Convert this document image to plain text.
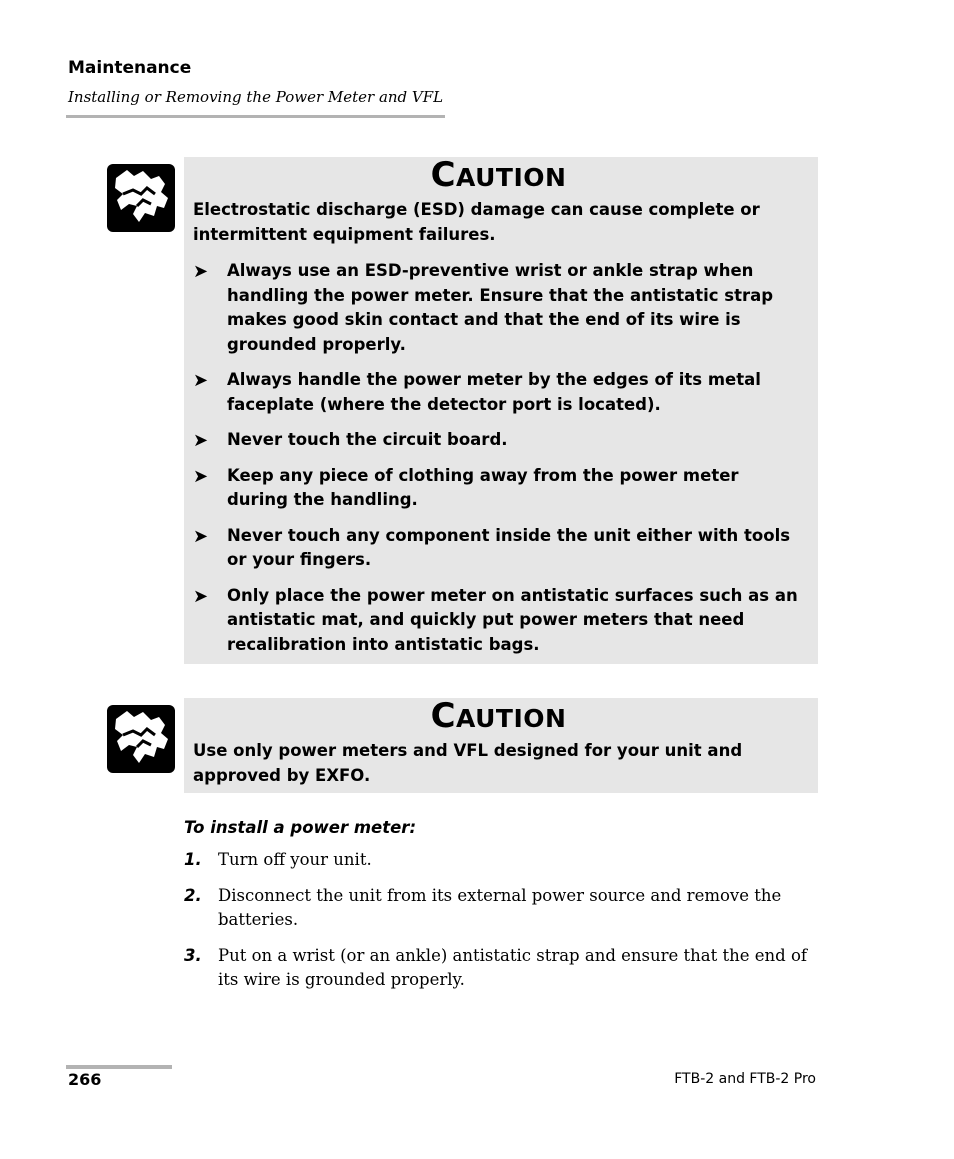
Maintenance
Installing or Removing the Power Meter and VFL
CAUTION
Electrostatic discharge (ESD) damage can cause complete or intermittent equipment failures.
➤ Always use an ESD-preventive wrist or ankle strap when handling the power meter. Ensure that the antistatic strap makes good skin contact and that the end of its wire is grounded properly.
➤ Always handle the power meter by the edges of its metal faceplate (where the detector port is located).
➤ Never touch the circuit board.
➤ Keep any piece of clothing away from the power meter during the handling.
➤ Never touch any component inside the unit either with tools or your fingers.
➤ Only place the power meter on antistatic surfaces such as an antistatic mat, and quickly put power meters that need recalibration into antistatic bags.
CAUTION
Use only power meters and VFL designed for your unit and approved by EXFO.
To install a power meter:
1. Turn off your unit.
2. Disconnect the unit from its external power source and remove the batteries.
3. Put on a wrist (or an ankle) antistatic strap and ensure that the end of its wire is grounded properly.
266	FTB-2 and FTB-2 Pro
